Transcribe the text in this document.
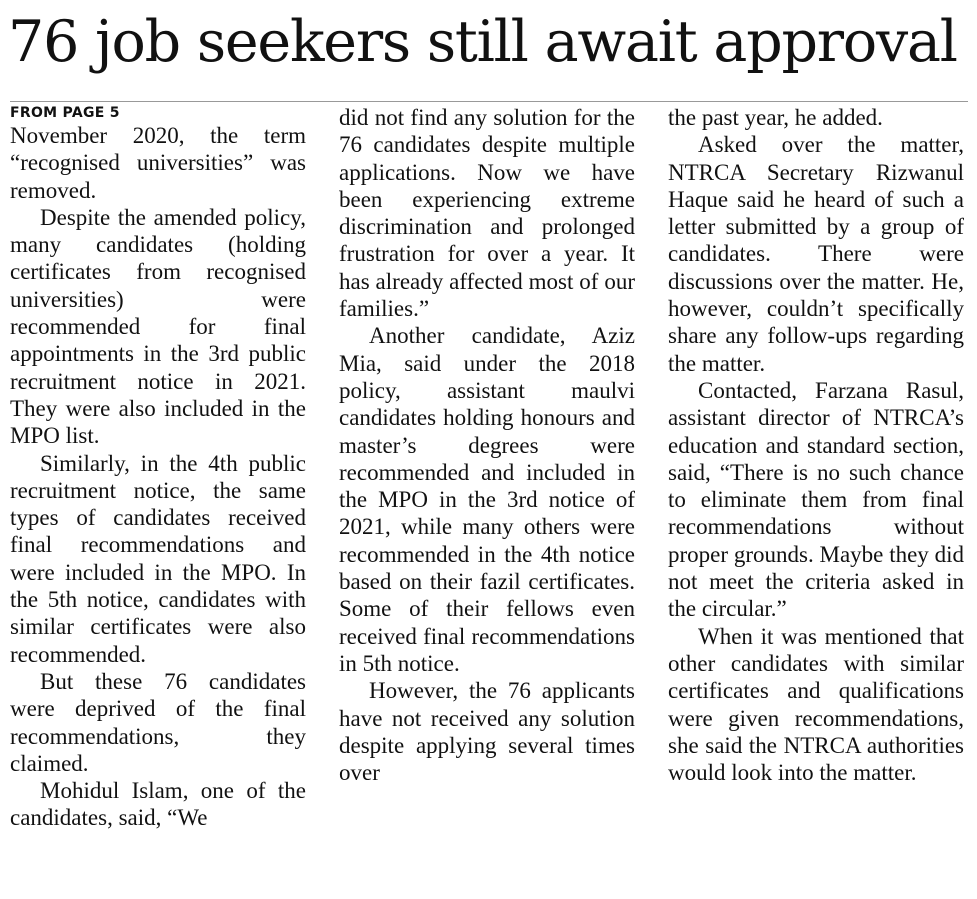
76 job seekers still await approval
FROM PAGE 5

November 2020, the term “recognised universities” was removed.

Despite the amended policy, many candidates (holding certificates from recognised universities) were recommended for final appointments in the 3rd public recruitment notice in 2021. They were also included in the MPO list.

Similarly, in the 4th public recruitment notice, the same types of candidates received final recommendations and were included in the MPO. In the 5th notice, candidates with similar certificates were also recommended.

But these 76 candidates were deprived of the final recommendations, they claimed.

Mohidul Islam, one of the candidates, said, “We

did not find any solution for the 76 candidates despite multiple applications. Now we have been experiencing extreme discrimination and prolonged frustration for over a year. It has already affected most of our families.”

Another candidate, Aziz Mia, said under the 2018 policy, assistant maulvi candidates holding honours and master’s degrees were recommended and included in the MPO in the 3rd notice of 2021, while many others were recommended in the 4th notice based on their fazil certificates. Some of their fellows even received final recommendations in 5th notice.

However, the 76 applicants have not received any solution despite applying several times over

the past year, he added.

Asked over the matter, NTRCA Secretary Rizwanul Haque said he heard of such a letter submitted by a group of candidates. There were discussions over the matter. He, however, couldn’t specifically share any follow-ups regarding the matter.

Contacted, Farzana Rasul, assistant director of NTRCA’s education and standard section, said, “There is no such chance to eliminate them from final recommendations without proper grounds. Maybe they did not meet the criteria asked in the circular.”

When it was mentioned that other candidates with similar certificates and qualifications were given recommendations, she said the NTRCA authorities would look into the matter.
